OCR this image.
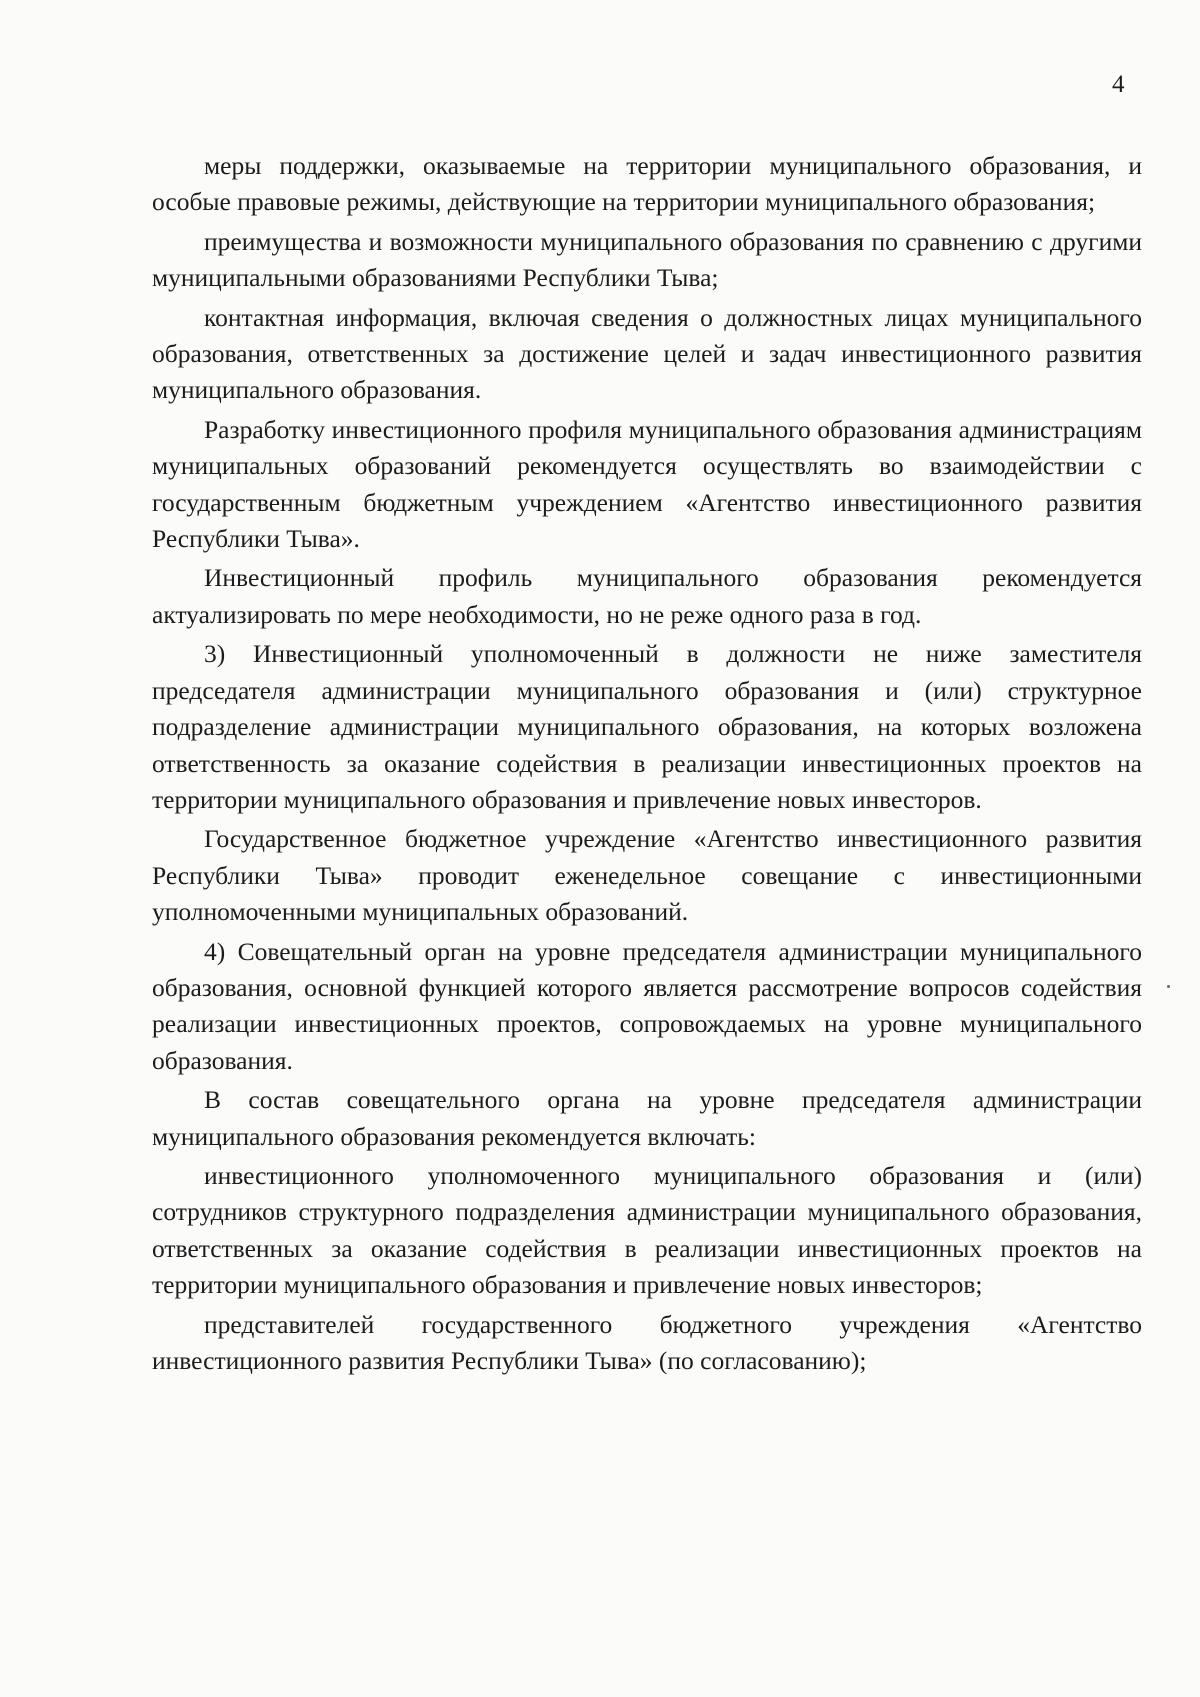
4

меры поддержки, оказываемые на территории муниципального образования, и особые правовые режимы, действующие на территории муниципального образования;

преимущества и возможности муниципального образования по сравнению с другими муниципальными образованиями Республики Тыва;

контактная информация, включая сведения о должностных лицах муниципального образования, ответственных за достижение целей и задач инвестиционного развития муниципального образования.

Разработку инвестиционного профиля муниципального образования администрациям муниципальных образований рекомендуется осуществлять во взаимодействии с государственным бюджетным учреждением «Агентство инвестиционного развития Республики Тыва».

Инвестиционный профиль муниципального образования рекомендуется актуализировать по мере необходимости, но не реже одного раза в год.

3) Инвестиционный уполномоченный в должности не ниже заместителя председателя администрации муниципального образования и (или) структурное подразделение администрации муниципального образования, на которых возложена ответственность за оказание содействия в реализации инвестиционных проектов на территории муниципального образования и привлечение новых инвесторов.

Государственное бюджетное учреждение «Агентство инвестиционного развития Республики Тыва» проводит еженедельное совещание с инвестиционными уполномоченными муниципальных образований.

4) Совещательный орган на уровне председателя администрации муниципального образования, основной функцией которого является рассмотрение вопросов содействия реализации инвестиционных проектов, сопровождаемых на уровне муниципального образования.

В состав совещательного органа на уровне председателя администрации муниципального образования рекомендуется включать:

инвестиционного уполномоченного муниципального образования и (или) сотрудников структурного подразделения администрации муниципального образования, ответственных за оказание содействия в реализации инвестиционных проектов на территории муниципального образования и привлечение новых инвесторов;

представителей государственного бюджетного учреждения «Агентство инвестиционного развития Республики Тыва» (по согласованию);
